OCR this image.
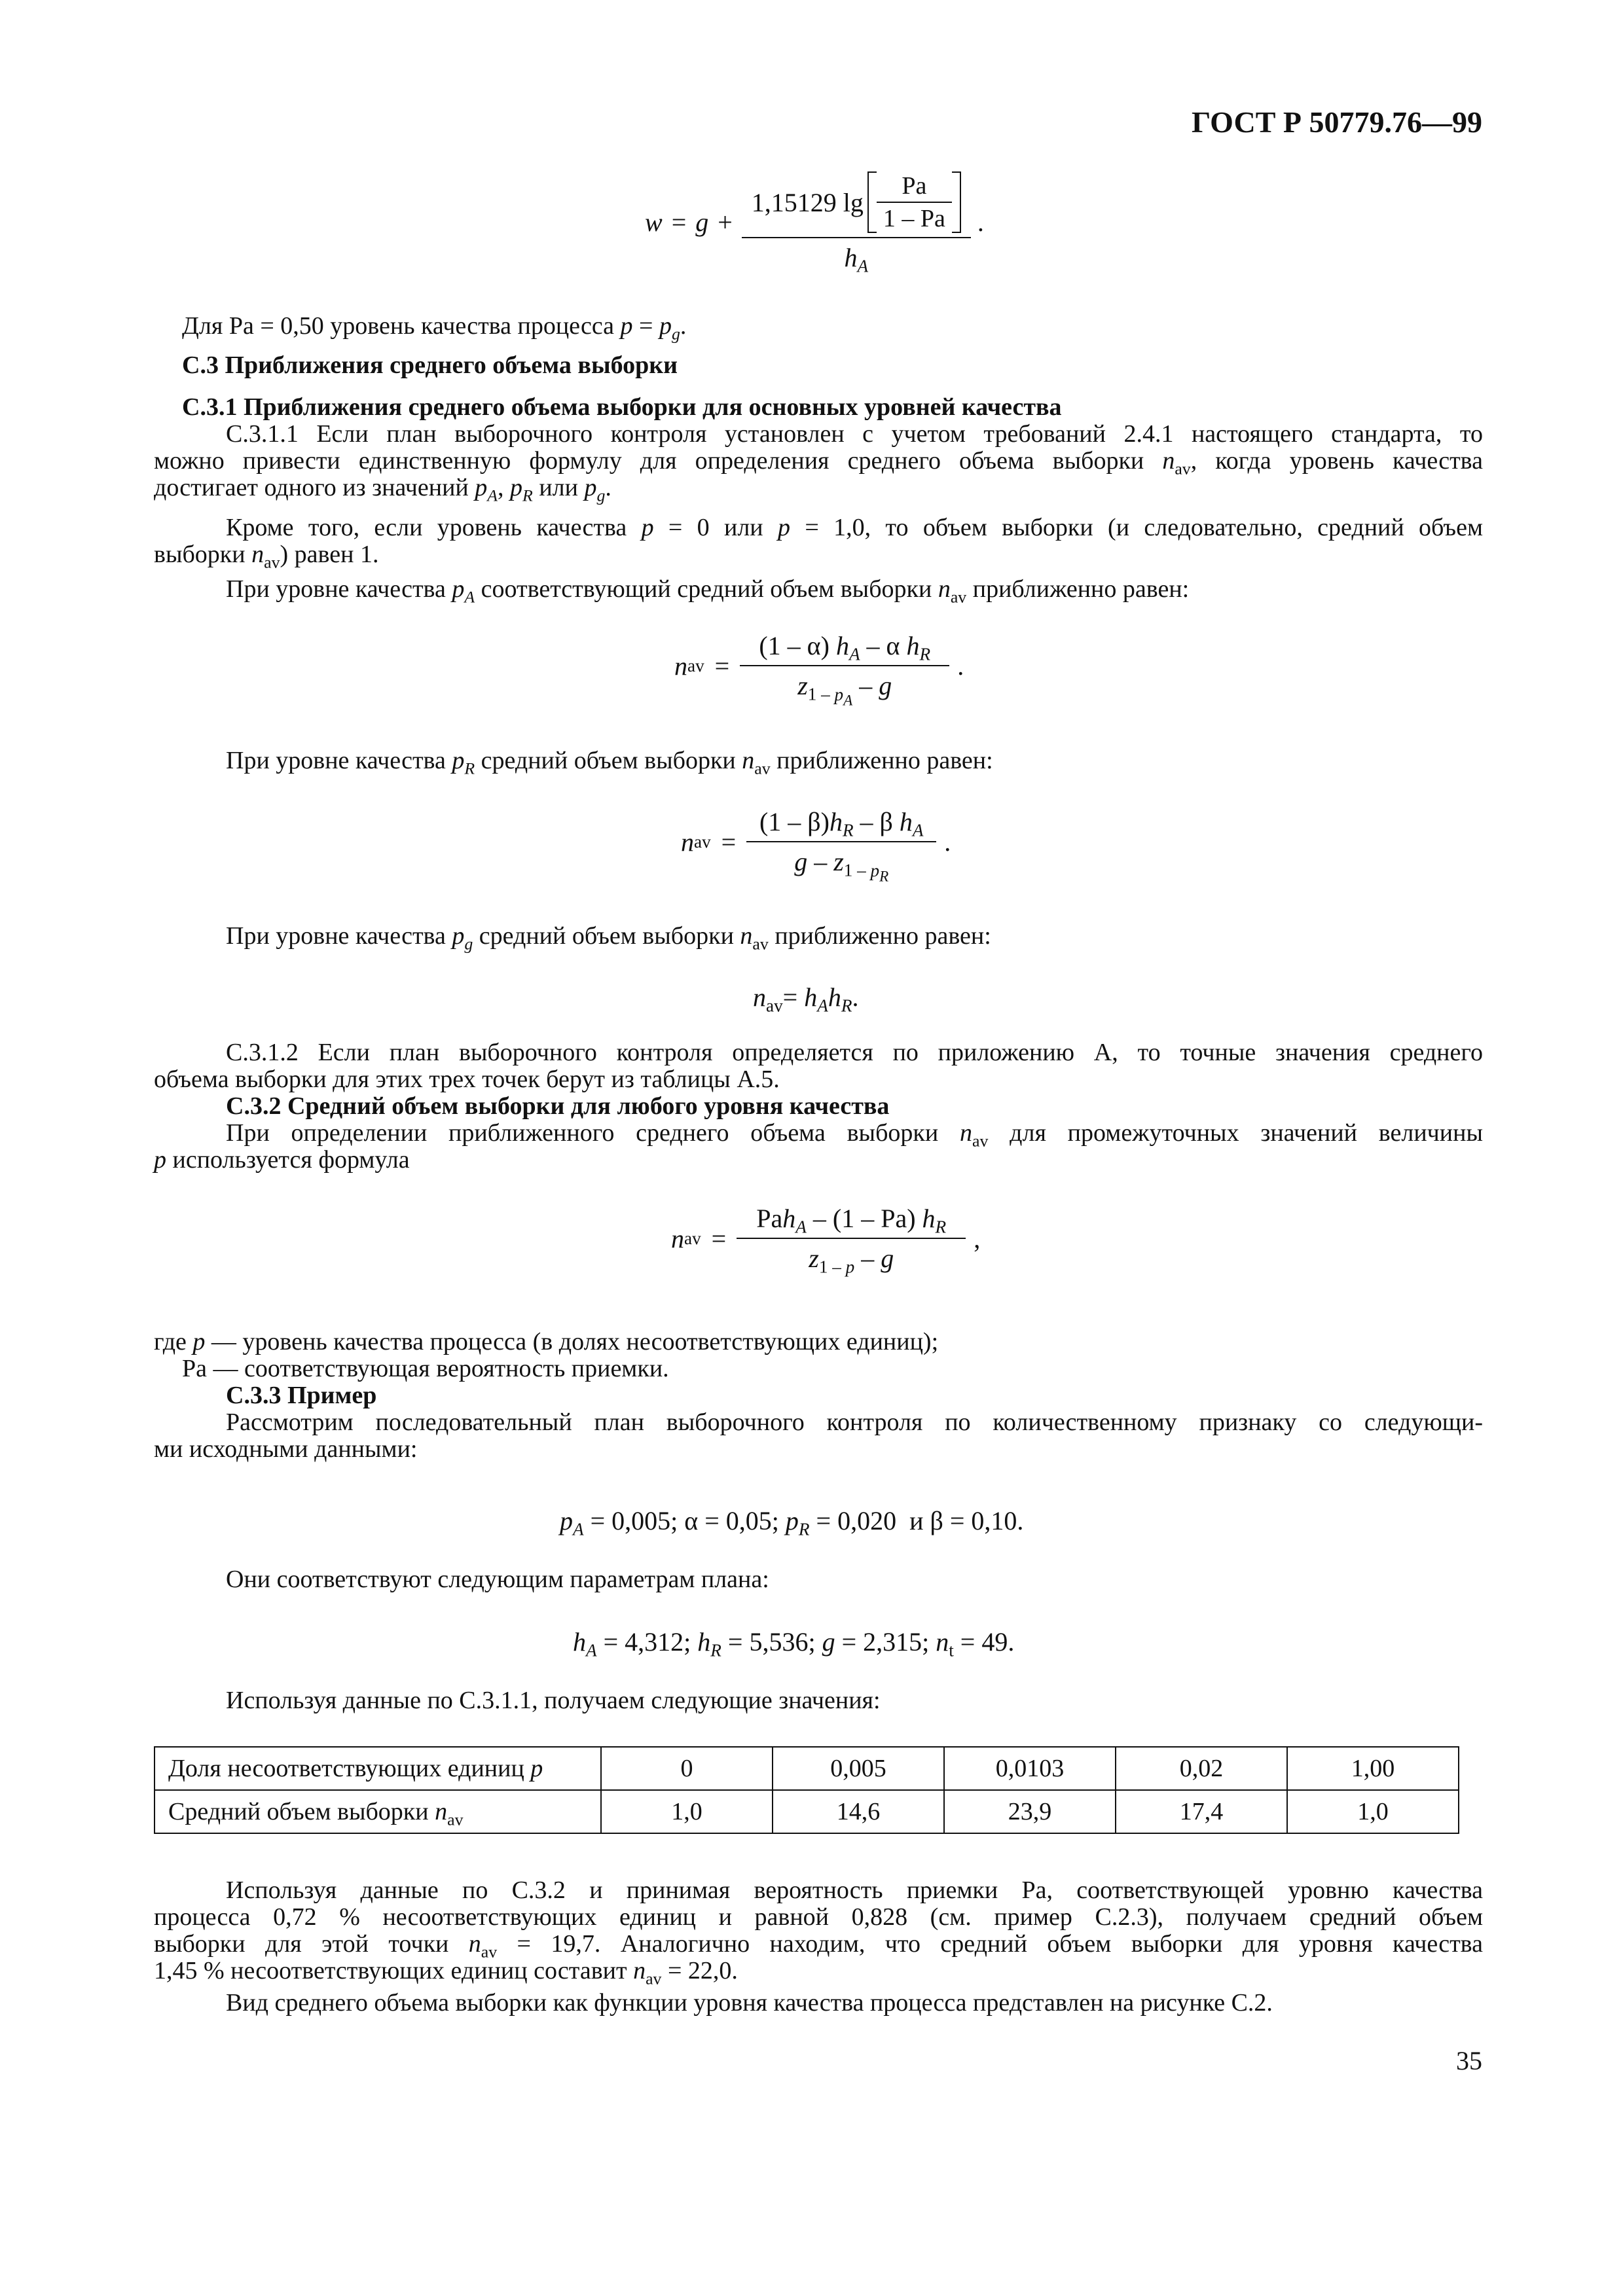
ГОСТ Р 50779.76—99
$w = g + \frac{1,15129 \lg \frac{Pa}{1 - Pa}}{h_A}$ .
Для Pa = 0,50 уровень качества процесса $p = p_g$.
С.3 Приближения среднего объема выборки
С.3.1 Приближения среднего объема выборки для основных уровней качества
С.3.1.1 Если план выборочного контроля установлен с учетом требований 2.4.1 настоящего стандарта, то
можно привести единственную формулу для определения среднего объема выборки $n_{av}$, когда уровень качества
достигает одного из значений $p_A$, $p_R$ или $p_g$.
Кроме того, если уровень качества p = 0 или p = 1,0, то объем выборки (и следовательно, средний объем
выборки $n_{av}$) равен 1.
При уровне качества $p_A$ соответствующий средний объем выборки $n_{av}$ приближенно равен:
n av = $\frac{(1 - \alpha) h_A - \alpha h_R}{z_{1 - p_A} - g}$ .
При уровне качества $p_R$ средний объем выборки $n_{av}$ приближенно равен:
n av = $\frac{(1 - \beta)h_R - \beta h_A}{g - z_{1 - p_R}}$ .
При уровне качества $p_g$ средний объем выборки $n_{av}$ приближенно равен:
$n_{av}= h_Ah_R$.
С.3.1.2 Если план выборочного контроля определяется по приложению А, то точные значения среднего
объема выборки для этих трех точек берут из таблицы А.5.
С.3.2 Средний объем выборки для любого уровня качества
При определении приближенного среднего объема выборки $n_{av}$ для промежуточных значений величины
p используется формула
n av = $\frac{Pah_A - (1 - Pa) h_R}{z_{1 - p} - g}$ ,
где p — уровень качества процесса (в долях несоответствующих единиц);
Pa — соответствующая вероятность приемки.
С.3.3 Пример
Рассмотрим последовательный план выборочного контроля по количественному признаку со следующи-
ми исходными данными:
$p_A = 0,005$; α = 0,05; $p_R = 0,020$  и β = 0,10.
Они соответствуют следующим параметрам плана:
$h_A = 4,312$; $h_R = 5,536$; g = 2,315; $n_t = 49$.
Используя данные по С.3.1.1, получаем следующие значения:
Доля несоответствующих единиц p	0	0,005	0,0103	0,02	1,00
Средний объем выборки $n_{av}$	1,0	14,6	23,9	17,4	1,0
Используя данные по С.3.2 и принимая вероятность приемки Pa, соответствующей уровню качества
процесса 0,72 % несоответствующих единиц и равной 0,828 (см. пример С.2.3), получаем средний объем
выборки для этой точки $n_{av} = 19,7$. Аналогично находим, что средний объем выборки для уровня качества
1,45 % несоответствующих единиц составит $n_{av} = 22,0$.
Вид среднего объема выборки как функции уровня качества процесса представлен на рисунке С.2.
35
